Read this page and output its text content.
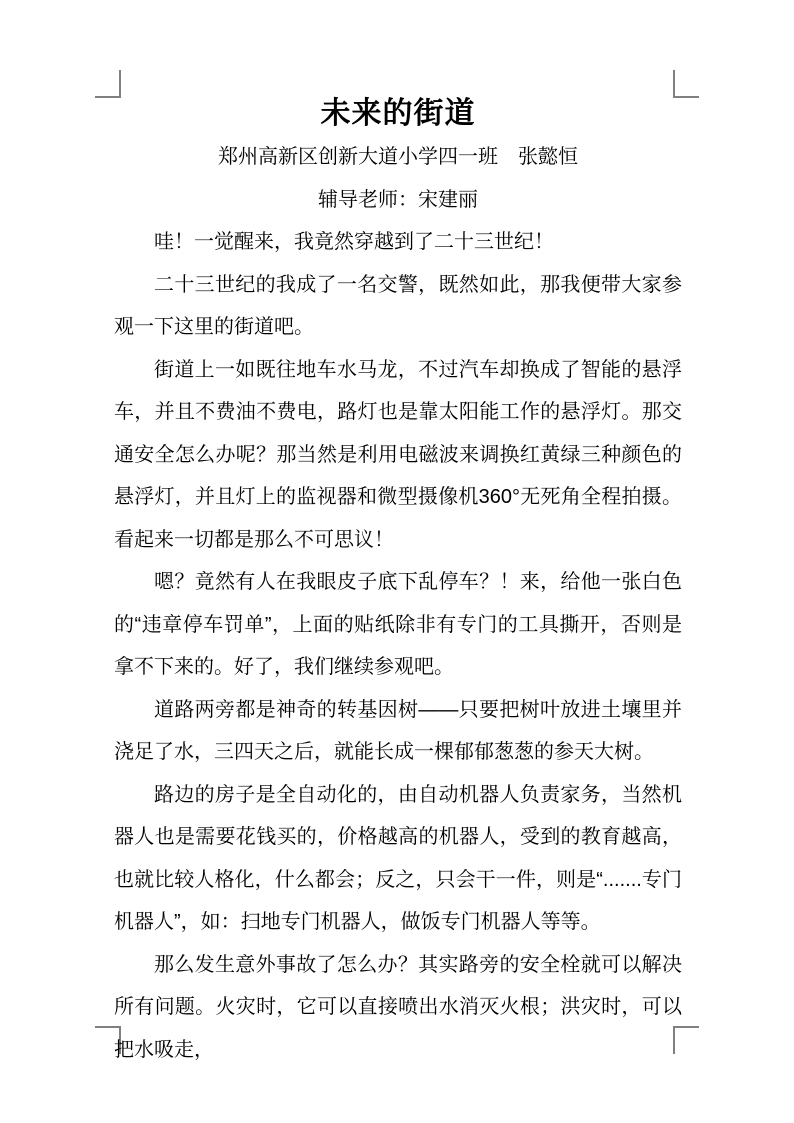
未来的街道
郑州高新区创新大道小学四一班　张懿恒
辅导老师：宋建丽

哇！一觉醒来，我竟然穿越到了二十三世纪！

二十三世纪的我成了一名交警，既然如此，那我便带大家参观一下这里的街道吧。

街道上一如既往地车水马龙，不过汽车却换成了智能的悬浮车，并且不费油不费电，路灯也是靠太阳能工作的悬浮灯。那交通安全怎么办呢？那当然是利用电磁波来调换红黄绿三种颜色的悬浮灯，并且灯上的监视器和微型摄像机360°无死角全程拍摄。看起来一切都是那么不可思议！

嗯？竟然有人在我眼皮子底下乱停车？！来，给他一张白色的“违章停车罚单”，上面的贴纸除非有专门的工具撕开，否则是拿不下来的。好了，我们继续参观吧。

道路两旁都是神奇的转基因树——只要把树叶放进土壤里并浇足了水，三四天之后，就能长成一棵郁郁葱葱的参天大树。

路边的房子是全自动化的，由自动机器人负责家务，当然机器人也是需要花钱买的，价格越高的机器人，受到的教育越高，也就比较人格化，什么都会；反之，只会干一件，则是“.......专门机器人”，如：扫地专门机器人，做饭专门机器人等等。

那么发生意外事故了怎么办？其实路旁的安全栓就可以解决所有问题。火灾时，它可以直接喷出水消灭火根；洪灾时，可以把水吸走，
